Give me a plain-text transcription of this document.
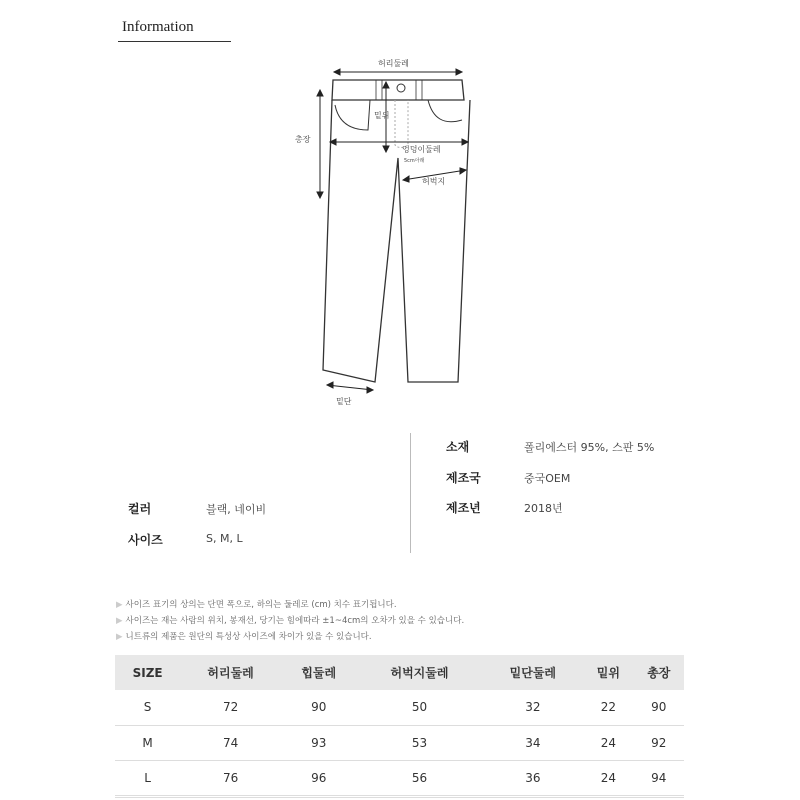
Information
허리둘레
총장
밑위
엉덩이둘레
5cm아래
허벅지
밑단
소재	폴리에스터 95%, 스판 5%
제조국	중국OEM
제조년	2018년
컬러	블랙, 네이비
사이즈	S, M, L
▶ 사이즈 표기의 상의는 단면 폭으로, 하의는 둘레로 (cm) 치수 표기됩니다.
▶ 사이즈는 재는 사람의 위치, 봉재선, 당기는 힘에따라 ±1~4cm의 오차가 있을 수 있습니다.
▶ 니트류의 제품은 원단의 특성상 사이즈에 차이가 있을 수 있습니다.
SIZE	허리둘레	힙둘레	허벅지둘레	밑단둘레	밑위	총장
S	72	90	50	32	22	90
M	74	93	53	34	24	92
L	76	96	56	36	24	94
